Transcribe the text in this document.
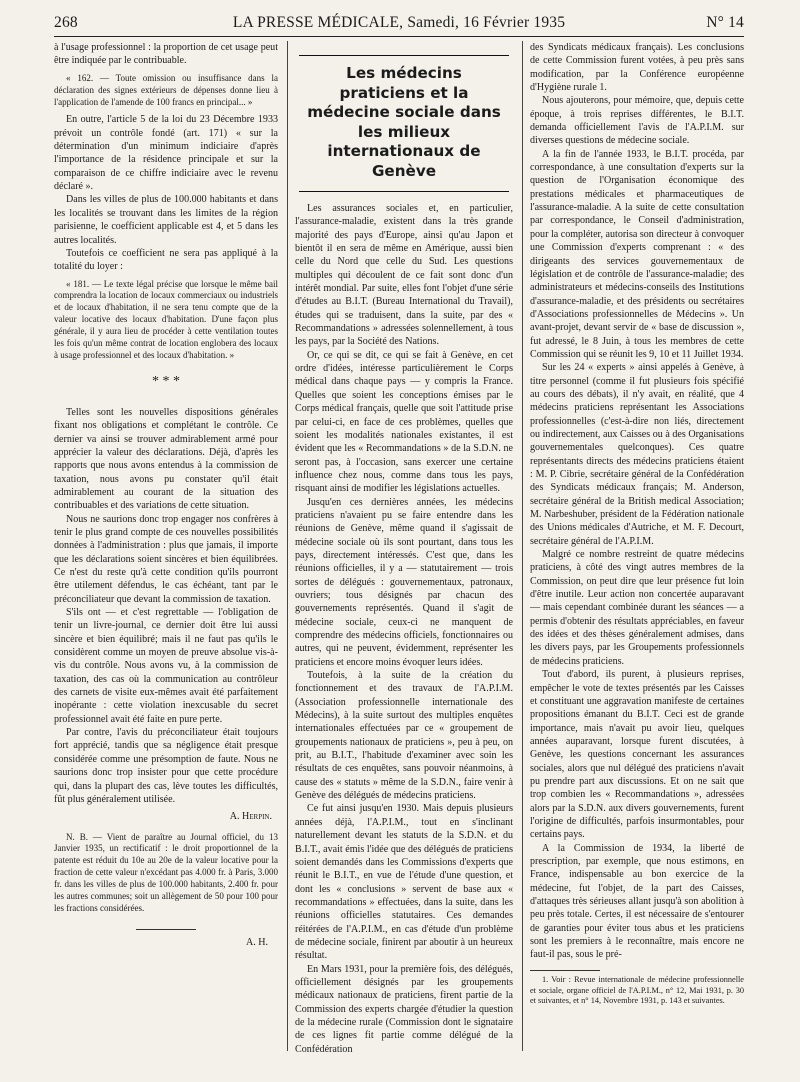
268	LA PRESSE MÉDICALE, Samedi, 16 Février 1935	N° 14

à l'usage professionnel : la proportion de cet usage peut être indiquée par le contribuable.

« 162. — Toute omission ou insuffisance dans la déclaration des signes extérieurs de dépenses donne lieu à l'application de l'amende de 100 francs en principal... »

En outre, l'article 5 de la loi du 23 Décembre 1933 prévoit un contrôle fondé (art. 171) « sur la détermination d'un minimum indiciaire d'après l'importance de la résidence principale et sur la comparaison de ce chiffre indiciaire avec le revenu déclaré ».

Dans les villes de plus de 100.000 habitants et dans les localités se trouvant dans les limites de la région parisienne, le coefficient applicable est 4, et 5 dans les autres localités.

Toutefois ce coefficient ne sera pas appliqué à la totalité du loyer :

« 181. — Le texte légal précise que lorsque le même bail comprendra la location de locaux commerciaux ou industriels et de locaux d'habitation, il ne sera tenu compte que de la valeur locative des locaux d'habitation. D'une façon plus générale, il y aura lieu de procéder à cette ventilation toutes les fois qu'un même contrat de location englobera des locaux à usage professionnel et des locaux d'habitation. »

* * *

Telles sont les nouvelles dispositions générales fixant nos obligations et complétant le contrôle. Ce dernier va ainsi se trouver admirablement armé pour apprécier la valeur des déclarations. Déjà, d'après les rapports que nous avons entendus à la commission de taxation, nous avons pu constater qu'il était admirablement au courant de la situation des contribuables et des variations de cette situation.

Nous ne saurions donc trop engager nos confrères à tenir le plus grand compte de ces nouvelles possibilités données à l'administration : plus que jamais, il importe que les déclarations soient sincères et bien équilibrées. Ce n'est du reste qu'à cette condition qu'ils pourront être utilement défendus, le cas échéant, tant par le préconciliateur que devant la commission de taxation.

S'ils ont — et c'est regrettable — l'obligation de tenir un livre-journal, ce dernier doit être lui aussi sincère et bien équilibré; mais il ne faut pas qu'ils le considèrent comme un moyen de preuve absolue vis-à-vis du contrôle. Nous avons vu, à la commission de taxation, des cas où la communication au contrôleur des carnets de visite eux-mêmes avait été parfaitement inopérante : cette violation inexcusable du secret professionnel avait été faite en pure perte.

Par contre, l'avis du préconciliateur était toujours fort apprécié, tandis que sa négligence était presque considérée comme une présomption de faute. Nous ne saurions donc trop insister pour que cette procédure qui, dans la plupart des cas, lève toutes les difficultés, fût plus généralement utilisée.

A. Herpin.

N. B. — Vient de paraître au Journal officiel, du 13 Janvier 1935, un rectificatif : le droit proportionnel de la patente est réduit du 10e au 20e de la valeur locative pour la fraction de cette valeur n'excédant pas 4.000 fr. à Paris, 3.000 fr. dans les villes de plus de 100.000 habitants, 2.400 fr. pour les autres communes; soit un allègement de 50 pour 100 pour les fractions considérées.

A. H.
Les médecins praticiens et la médecine sociale dans les milieux internationaux de Genève

Les assurances sociales et, en particulier, l'assurance-maladie, existent dans la très grande majorité des pays d'Europe, ainsi qu'au Japon et bientôt il en sera de même en Amérique, aussi bien celle du Nord que celle du Sud. Les questions multiples qui découlent de ce fait sont donc d'un intérêt mondial. Par suite, elles font l'objet d'une série d'études au B.I.T. (Bureau International du Travail), études qui se traduisent, dans la suite, par des « Recommandations » adressées solennellement, à tous les pays, par la Société des Nations.

Or, ce qui se dit, ce qui se fait à Genève, en cet ordre d'idées, intéresse particulièrement le Corps médical dans chaque pays — y compris la France. Quelles que soient les conceptions émises par le Corps médical français, quelle que soit l'attitude prise par celui-ci, en face de ces problèmes, quelles que soient les modalités nationales existantes, il est évident que les « Recommandations » de la S.D.N. ne seront pas, à l'occasion, sans exercer une certaine influence chez nous, comme dans tous les pays, risquant ainsi de modifier les législations actuelles.

Jusqu'en ces dernières années, les médecins praticiens n'avaient pu se faire entendre dans les réunions de Genève, même quand il s'agissait de médecine sociale où ils sont pourtant, dans tous les pays, directement intéressés. C'est que, dans les réunions officielles, il y a — statutairement — trois sortes de délégués : gouvernementaux, patronaux, ouvriers; tous désignés par chacun des gouvernements représentés. Quand il s'agit de médecine sociale, ceux-ci ne manquent de comprendre des médecins officiels, fonctionnaires ou autres, qui ne peuvent, évidemment, représenter les praticiens et encore moins évoquer leurs idées.

Toutefois, à la suite de la création du fonctionnement et des travaux de l'A.P.I.M. (Association professionnelle internationale des Médecins), à la suite surtout des multiples enquêtes internationales effectuées par ce « groupement de groupements nationaux de praticiens », peu à peu, on prit, au B.I.T., l'habitude d'examiner avec soin les résultats de ces enquêtes, sans pouvoir néanmoins, à cause des « statuts » même de la S.D.N., faire venir à Genève des délégués de médecins praticiens.

Ce fut ainsi jusqu'en 1930. Mais depuis plusieurs années déjà, l'A.P.I.M., tout en s'inclinant naturellement devant les statuts de la S.D.N. et du B.I.T., avait émis l'idée que des délégués de praticiens soient demandés dans les Commissions d'experts que réunit le B.I.T., en vue de l'étude d'une question, et dont les « conclusions » servent de base aux « recommandations » effectuées, dans la suite, dans les réunions officielles statutaires. Ces demandes réitérées de l'A.P.I.M., en cas d'étude d'un problème de médecine sociale, finirent par aboutir à un heureux résultat.

En Mars 1931, pour la première fois, des délégués, officiellement désignés par les groupements médicaux nationaux de praticiens, firent partie de la Commission des experts chargée d'étudier la question de la médecine rurale (Commission dont le signataire de ces lignes fit partie comme délégué de la Confédération

des Syndicats médicaux français). Les conclusions de cette Commission furent votées, à peu près sans modification, par la Conférence européenne d'Hygiène rurale 1.

Nous ajouterons, pour mémoire, que, depuis cette époque, à trois reprises différentes, le B.I.T. demanda officiellement l'avis de l'A.P.I.M. sur diverses questions de médecine sociale.

A la fin de l'année 1933, le B.I.T. procéda, par correspondance, à une consultation d'experts sur la question de l'Organisation économique des prestations médicales et pharmaceutiques de l'assurance-maladie. A la suite de cette consultation par correspondance, le Conseil d'administration, pour la compléter, autorisa son directeur à convoquer une Commission d'experts comprenant : « des dirigeants des services gouvernementaux de législation et de contrôle de l'assurance-maladie; des administrateurs et médecins-conseils des Institutions d'assurance-maladie, et des présidents ou secrétaires d'Associations professionnelles de Médecins ». Un avant-projet, devant servir de « base de discussion », fut adressé, le 8 Juin, à tous les membres de cette Commission qui se réunit les 9, 10 et 11 Juillet 1934.

Sur les 24 « experts » ainsi appelés à Genève, à titre personnel (comme il fut plusieurs fois spécifié au cours des débats), il n'y avait, en réalité, que 4 médecins praticiens représentant les Associations professionnelles (c'est-à-dire non liés, directement ou indirectement, aux Caisses ou à des Organisations gouvernementales quelconques). Ces quatre représentants directs des médecins praticiens étaient : M. P. Cibrie, secrétaire général de la Confédération des Syndicats médicaux français; M. Anderson, secrétaire général de la British medical Association; M. Narbeshuber, président de la Fédération nationale des Unions médicales d'Autriche, et M. F. Decourt, secrétaire général de l'A.P.I.M.

Malgré ce nombre restreint de quatre médecins praticiens, à côté des vingt autres membres de la Commission, on peut dire que leur présence fut loin d'être inutile. Leur action non concertée auparavant — mais cependant combinée durant les séances — a permis d'obtenir des résultats appréciables, en faveur des idées et des thèses généralement admises, dans les divers pays, par les Groupements professionnels de médecins praticiens.

Tout d'abord, ils purent, à plusieurs reprises, empêcher le vote de textes présentés par les Caisses et constituant une aggravation manifeste de certaines propositions émanant du B.I.T. Ceci est de grande importance, mais n'avait pu avoir lieu, quelques années auparavant, lorsque furent discutées, à Genève, les questions concernant les assurances sociales, alors que nul délégué des praticiens n'avait pu prendre part aux discussions. Et on ne sait que trop combien les « Recommandations », adressées alors par la S.D.N. aux divers gouvernements, furent l'origine de difficultés, parfois insurmontables, pour certains pays.

A la Commission de 1934, la liberté de prescription, par exemple, que nous estimons, en France, indispensable au bon exercice de la médecine, fut l'objet, de la part des Caisses, d'attaques très sérieuses allant jusqu'à son abolition à peu près totale. Certes, il est nécessaire de s'entourer de garanties pour éviter tous abus et les praticiens sont les premiers à le reconnaître, mais encore ne faut-il pas, sous le pré-

1. Voir : Revue internationale de médecine professionnelle et sociale, organe officiel de l'A.P.I.M., n° 12, Mai 1931, p. 30 et suivantes, et n° 14, Novembre 1931, p. 143 et suivantes.
